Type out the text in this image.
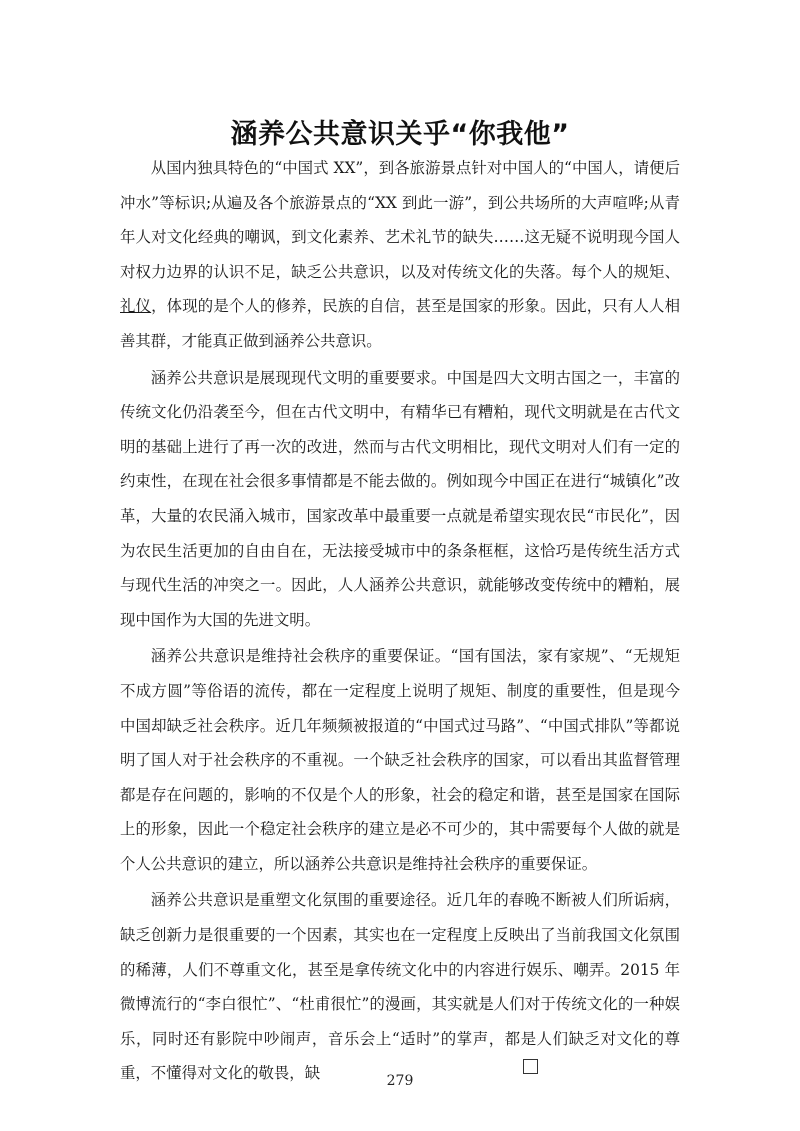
涵养公共意识关乎“你我他”

从国内独具特色的“中国式 XX”，到各旅游景点针对中国人的“中国人，请便后冲水”等标识;从遍及各个旅游景点的“XX 到此一游”，到公共场所的大声喧哗;从青年人对文化经典的嘲讽，到文化素养、艺术礼节的缺失……这无疑不说明现今国人对权力边界的认识不足，缺乏公共意识，以及对传统文化的失落。每个人的规矩、礼仪，体现的是个人的修养，民族的自信，甚至是国家的形象。因此，只有人人相善其群，才能真正做到涵养公共意识。

涵养公共意识是展现现代文明的重要要求。中国是四大文明古国之一，丰富的传统文化仍沿袭至今，但在古代文明中，有精华已有糟粕，现代文明就是在古代文明的基础上进行了再一次的改进，然而与古代文明相比，现代文明对人们有一定的约束性，在现在社会很多事情都是不能去做的。例如现今中国正在进行“城镇化”改革，大量的农民涌入城市，国家改革中最重要一点就是希望实现农民“市民化”，因为农民生活更加的自由自在，无法接受城市中的条条框框，这恰巧是传统生活方式与现代生活的冲突之一。因此，人人涵养公共意识，就能够改变传统中的糟粕，展现中国作为大国的先进文明。

涵养公共意识是维持社会秩序的重要保证。“国有国法，家有家规”、“无规矩不成方圆”等俗语的流传，都在一定程度上说明了规矩、制度的重要性，但是现今中国却缺乏社会秩序。近几年频频被报道的“中国式过马路”、“中国式排队”等都说明了国人对于社会秩序的不重视。一个缺乏社会秩序的国家，可以看出其监督管理都是存在问题的，影响的不仅是个人的形象，社会的稳定和谐，甚至是国家在国际上的形象，因此一个稳定社会秩序的建立是必不可少的，其中需要每个人做的就是个人公共意识的建立，所以涵养公共意识是维持社会秩序的重要保证。

涵养公共意识是重塑文化氛围的重要途径。近几年的春晚不断被人们所诟病，缺乏创新力是很重要的一个因素，其实也在一定程度上反映出了当前我国文化氛围的稀薄，人们不尊重文化，甚至是拿传统文化中的内容进行娱乐、嘲弄。2015 年微博流行的“李白很忙”、“杜甫很忙”的漫画，其实就是人们对于传统文化的一种娱乐，同时还有影院中吵闹声，音乐会上“适时”的掌声，都是人们缺乏对文化的尊重，不懂得对文化的敬畏，缺	279
